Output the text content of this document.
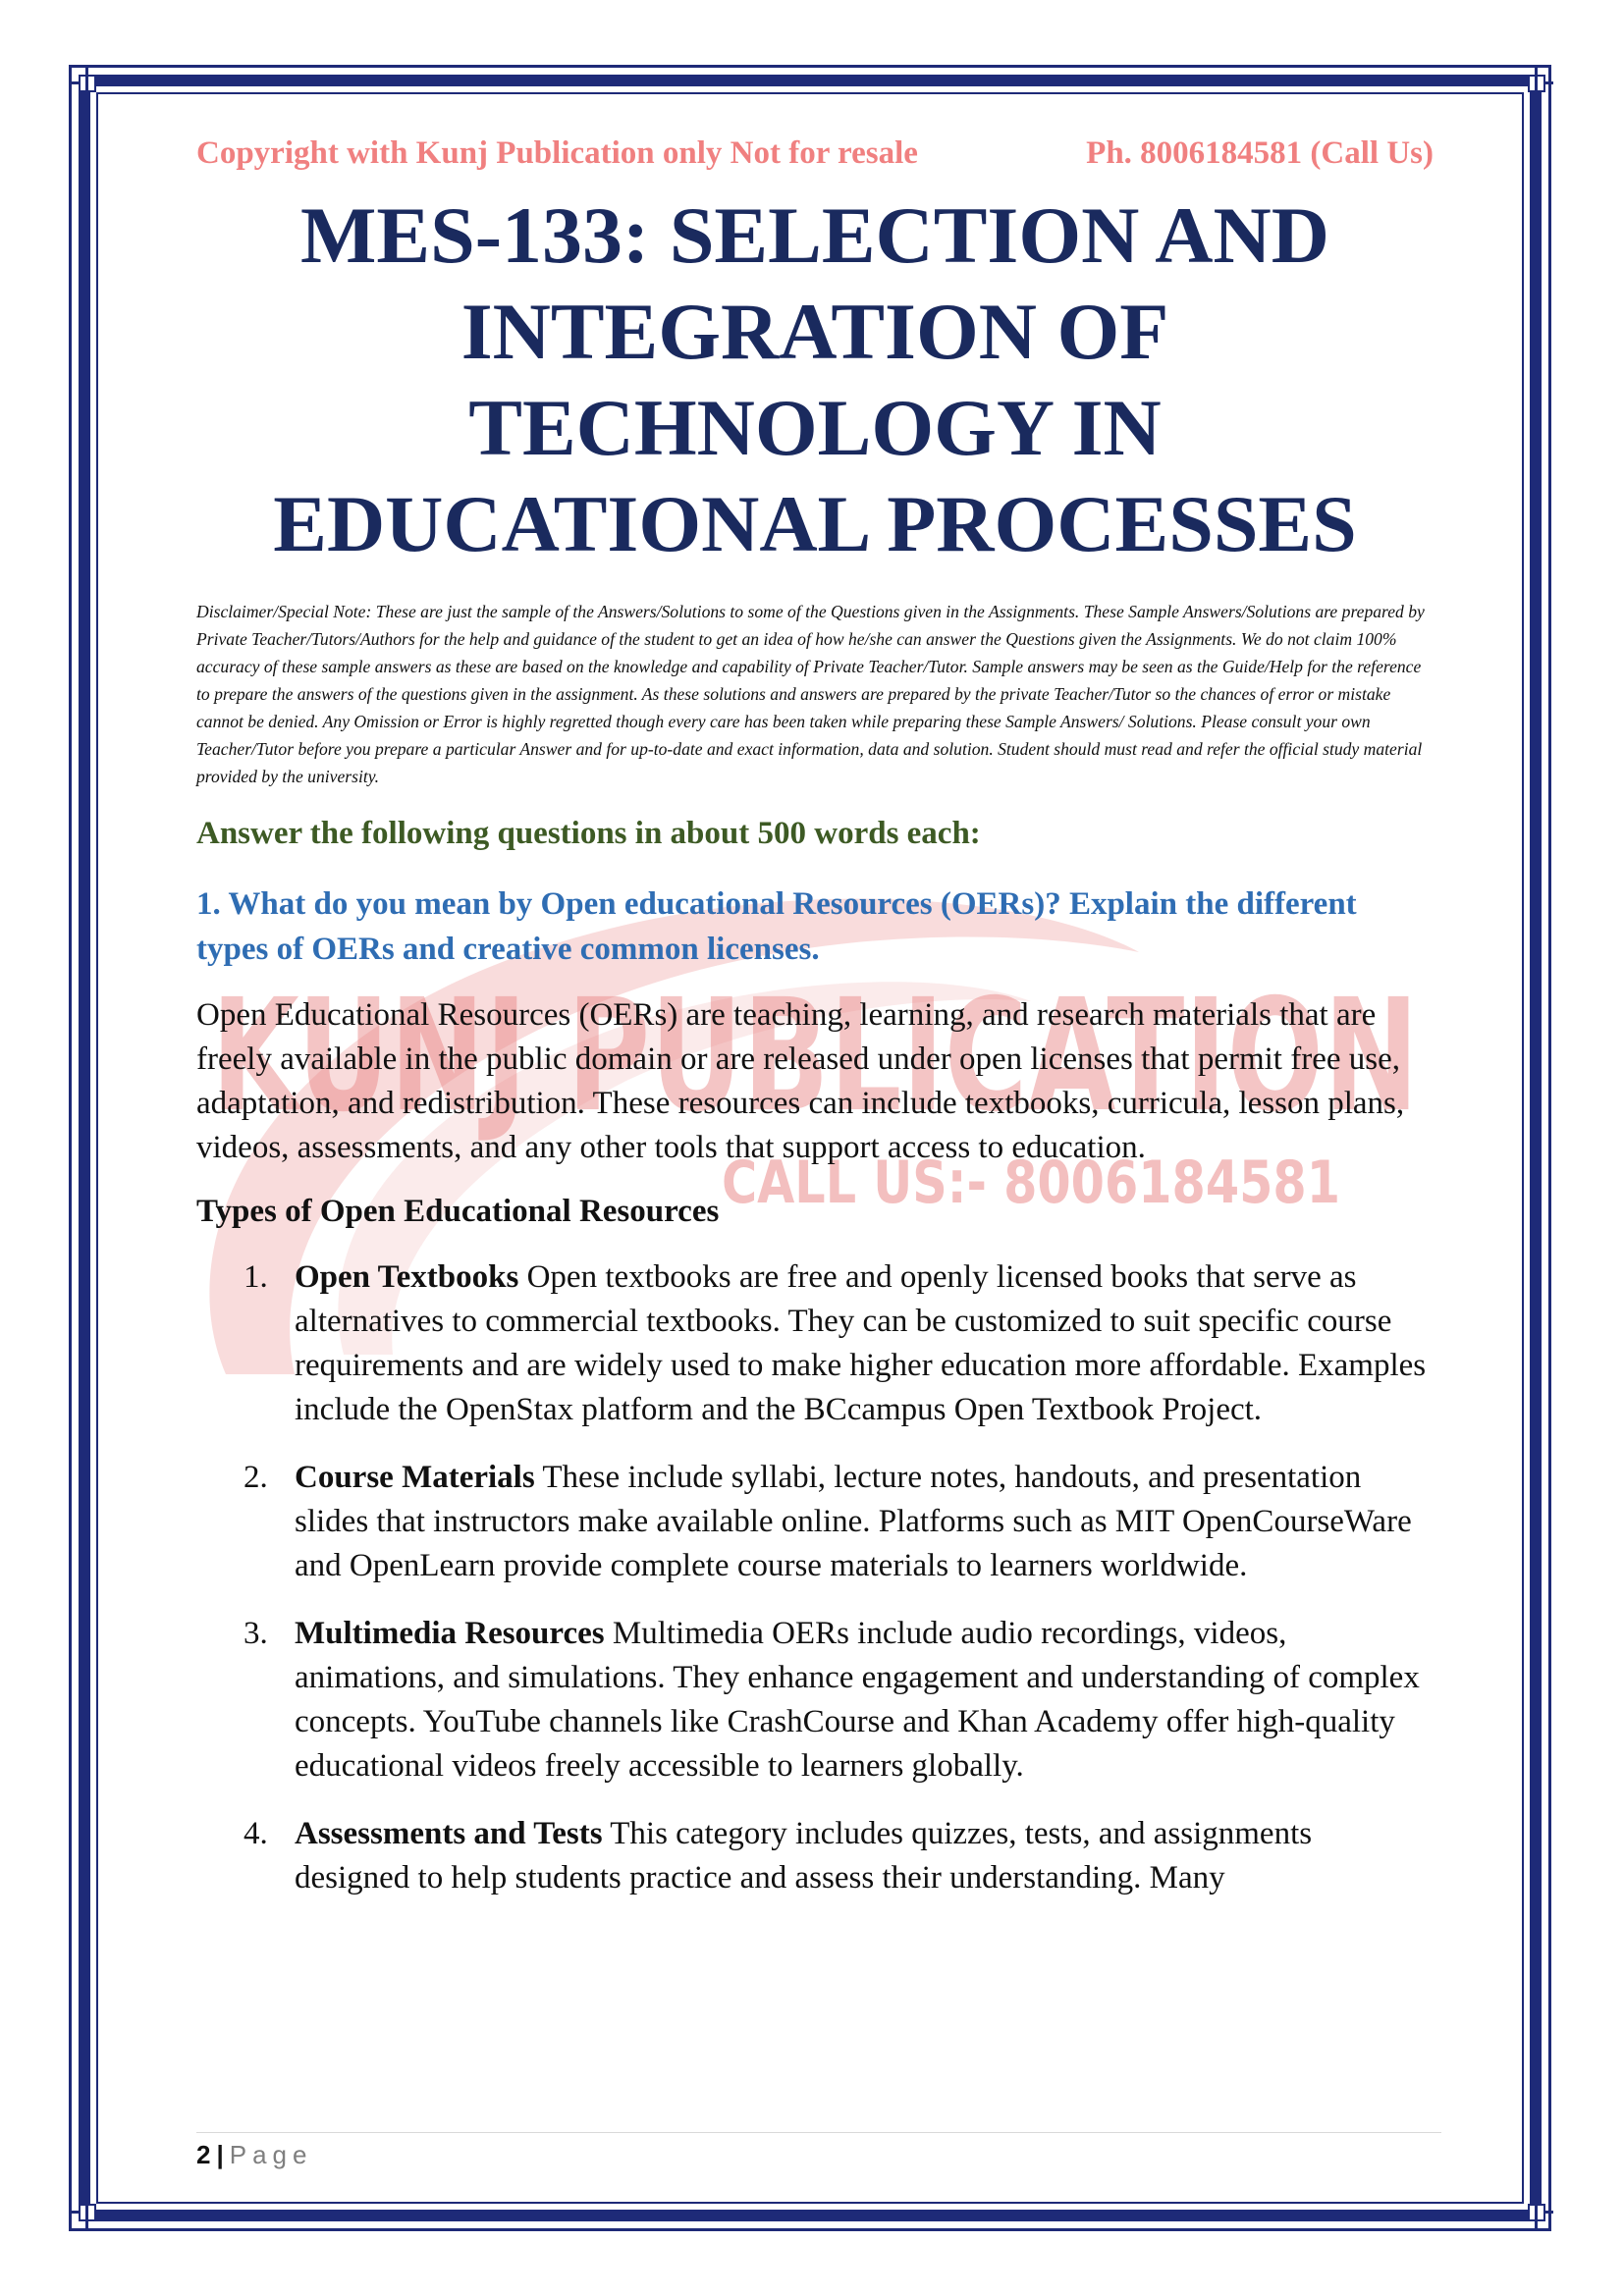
KUNJ PUBLICATION
CALL US:- 8006184581
Copyright with Kunj Publication only Not for resale	Ph. 8006184581 (Call Us)
MES-133: SELECTION AND INTEGRATION OF TECHNOLOGY IN EDUCATIONAL PROCESSES

Disclaimer/Special Note: These are just the sample of the Answers/Solutions to some of the Questions given in the Assignments. These Sample Answers/Solutions are prepared by Private Teacher/Tutors/Authors for the help and guidance of the student to get an idea of how he/she can answer the Questions given the Assignments. We do not claim 100% accuracy of these sample answers as these are based on the knowledge and capability of Private Teacher/Tutor. Sample answers may be seen as the Guide/Help for the reference to prepare the answers of the questions given in the assignment. As these solutions and answers are prepared by the private Teacher/Tutor so the chances of error or mistake cannot be denied. Any Omission or Error is highly regretted though every care has been taken while preparing these Sample Answers/ Solutions. Please consult your own Teacher/Tutor before you prepare a particular Answer and for up-to-date and exact information, data and solution. Student should must read and refer the official study material provided by the university.

Answer the following questions in about 500 words each:

1. What do you mean by Open educational Resources (OERs)? Explain the different types of OERs and creative common licenses.

Open Educational Resources (OERs) are teaching, learning, and research materials that are freely available in the public domain or are released under open licenses that permit free use, adaptation, and redistribution. These resources can include textbooks, curricula, lesson plans, videos, assessments, and any other tools that support access to education.

Types of Open Educational Resources

1. Open Textbooks Open textbooks are free and openly licensed books that serve as alternatives to commercial textbooks. They can be customized to suit specific course requirements and are widely used to make higher education more affordable. Examples include the OpenStax platform and the BCcampus Open Textbook Project.
2. Course Materials These include syllabi, lecture notes, handouts, and presentation slides that instructors make available online. Platforms such as MIT OpenCourseWare and OpenLearn provide complete course materials to learners worldwide.
3. Multimedia Resources Multimedia OERs include audio recordings, videos, animations, and simulations. They enhance engagement and understanding of complex concepts. YouTube channels like CrashCourse and Khan Academy offer high-quality educational videos freely accessible to learners globally.
4. Assessments and Tests This category includes quizzes, tests, and assignments designed to help students practice and assess their understanding. Many
2 | Page
